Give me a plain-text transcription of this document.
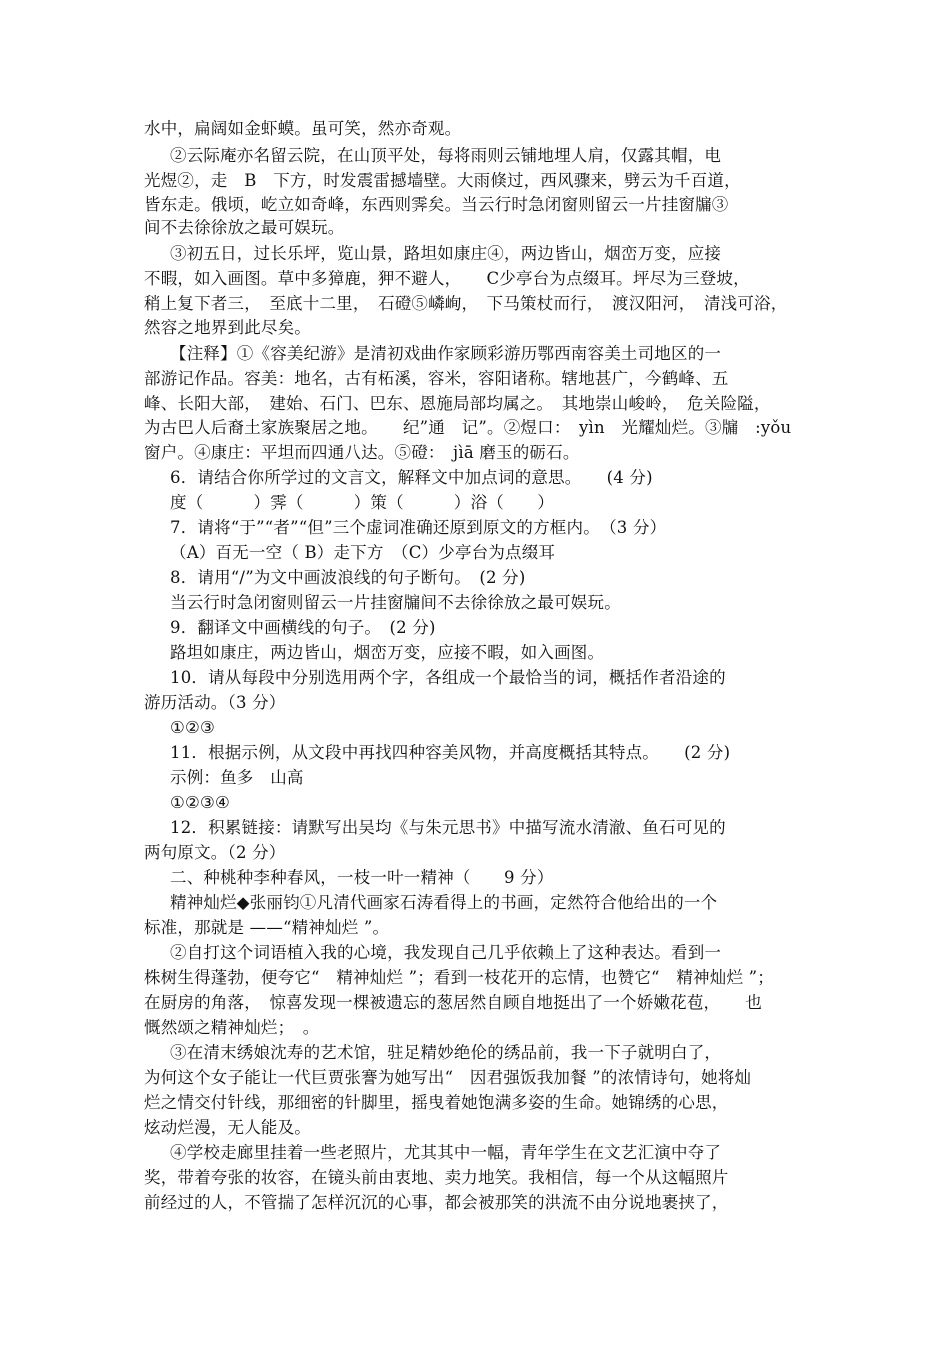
水中，扁阔如金虾蟆。虽可笑，然亦奇观。
②云际庵亦名留云院，在山顶平处，每将雨则云铺地埋人肩，仅露其帽，电
光煜②，走　B　下方，时发震雷撼墙壁。大雨倏过，西风骤来，劈云为千百道，
皆东走。俄顷，屹立如奇峰，东西则霁矣。当云行时急闭窗则留云一片挂窗牖③
间不去徐徐放之最可娱玩。
③初五日，过长乐坪，览山景，路坦如康庄④，两边皆山，烟峦万变，应接
不暇，如入画图。草中多獐鹿，狎不避人，　　C少亭台为点缀耳。坪尽为三登坡，
稍上复下者三，　至底十二里，　石磴⑤嶙峋，　下马策杖而行，　渡汉阳河，　清浅可浴，
然容之地界到此尽矣。
【注释】①《容美纪游》是清初戏曲作家顾彩游历鄂西南容美土司地区的一
部游记作品。容美：地名，古有柘溪，容米，容阳诸称。辖地甚广，今鹤峰、五
峰、长阳大部，　建始、石门、巴东、恩施局部均属之。　其地崇山峻岭，　危关险隘，
为古巴人后裔土家族聚居之地。　　纪”通　记”。②煜口：　yìn　光耀灿烂。③牖　:yǒu
窗户。④康庄：平坦而四通八达。⑤磴：　jìā 磨玉的砺石。
6．请结合你所学过的文言文，解释文中加点词的意思。　　(4 分)
度（　　　）霁（　　　）策（　　　）浴（　　）
7．请将“于”“者”“但”三个虚词准确还原到原文的方框内。　（3 分）
（A）百无一空（ B）走下方　（C）少亭台为点缀耳
8．请用“/”为文中画波浪线的句子断句。　(2 分)
当云行时急闭窗则留云一片挂窗牖间不去徐徐放之最可娱玩。
9．翻译文中画横线的句子。　(2 分)
路坦如康庄，两边皆山，烟峦万变，应接不暇，如入画图。
10．请从每段中分别选用两个字，各组成一个最恰当的词，概括作者沿途的
游历活动。（3 分）
①②③
11．根据示例，从文段中再找四种容美风物，并高度概括其特点。　　(2 分)
示例：鱼多　山高
①②③④
12．积累链接：请默写出吴均《与朱元思书》中描写流水清澈、鱼石可见的
两句原文。（2 分）
二、种桃种李种春风，一枝一叶一精神（　　9 分）
精神灿烂◆张丽钧①凡清代画家石涛看得上的书画，定然符合他给出的一个
标准，那就是 ——“精神灿烂 ”。
②自打这个词语植入我的心境，我发现自己几乎依赖上了这种表达。看到一
株树生得蓬勃，便夸它“　精神灿烂 ”；看到一枝花开的忘情，也赞它“　精神灿烂 ”；
在厨房的角落，　惊喜发现一棵被遗忘的葱居然自顾自地挺出了一个娇嫩花苞，　　也
慨然颂之精神灿烂；　。
③在清末绣娘沈寿的艺术馆，驻足精妙绝伦的绣品前，我一下子就明白了，
为何这个女子能让一代巨贾张謇为她写出“　因君强饭我加餐 ”的浓情诗句，她将灿
烂之情交付针线，那细密的针脚里，摇曳着她饱满多姿的生命。她锦绣的心思，
炫动烂漫，无人能及。
④学校走廊里挂着一些老照片，尤其其中一幅，青年学生在文艺汇演中夺了
奖，带着夸张的妆容，在镜头前由衷地、卖力地笑。我相信，每一个从这幅照片
前经过的人，不管揣了怎样沉沉的心事，都会被那笑的洪流不由分说地裹挟了，
